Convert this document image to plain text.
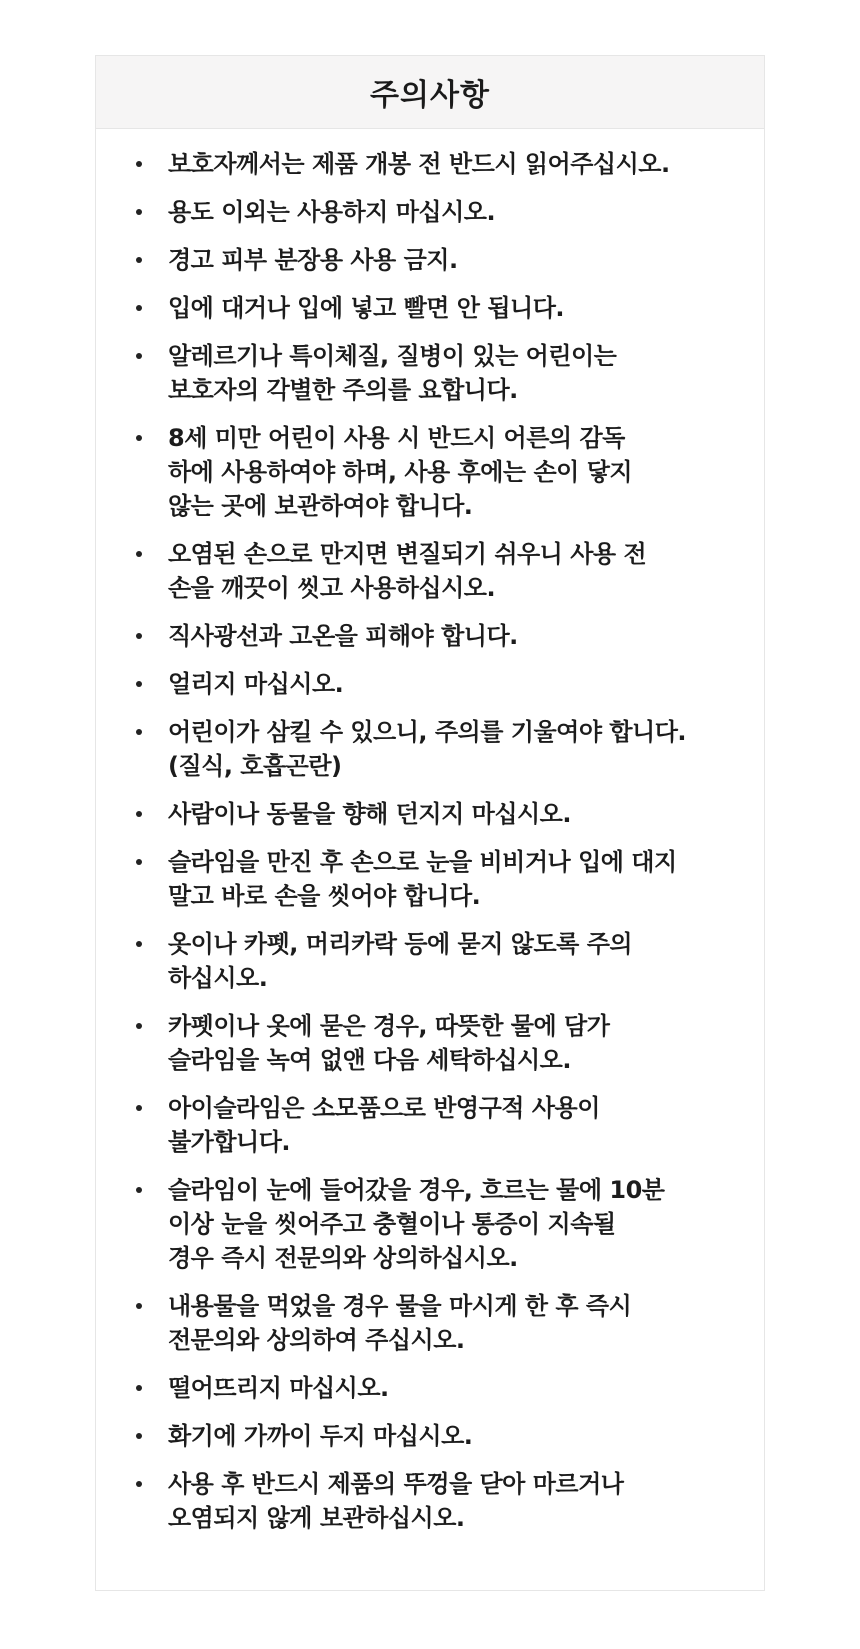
주의사항
보호자께서는 제품 개봉 전 반드시 읽어주십시오.
용도 이외는 사용하지 마십시오.
경고 피부 분장용 사용 금지.
입에 대거나 입에 넣고 빨면 안 됩니다.
알레르기나 특이체질, 질병이 있는 어린이는
보호자의 각별한 주의를 요합니다.
8세 미만 어린이 사용 시 반드시 어른의 감독
하에 사용하여야 하며, 사용 후에는 손이 닿지
않는 곳에 보관하여야 합니다.
오염된 손으로 만지면 변질되기 쉬우니 사용 전
손을 깨끗이 씻고 사용하십시오.
직사광선과 고온을 피해야 합니다.
얼리지 마십시오.
어린이가 삼킬 수 있으니, 주의를 기울여야 합니다.
(질식, 호흡곤란)
사람이나 동물을 향해 던지지 마십시오.
슬라임을 만진 후 손으로 눈을 비비거나 입에 대지
말고 바로 손을 씻어야 합니다.
옷이나 카펫, 머리카락 등에 묻지 않도록 주의
하십시오.
카펫이나 옷에 묻은 경우, 따뜻한 물에 담가
슬라임을 녹여 없앤 다음 세탁하십시오.
아이슬라임은 소모품으로 반영구적 사용이
불가합니다.
슬라임이 눈에 들어갔을 경우, 흐르는 물에 10분
이상 눈을 씻어주고 충혈이나 통증이 지속될
경우 즉시 전문의와 상의하십시오.
내용물을 먹었을 경우 물을 마시게 한 후 즉시
전문의와 상의하여 주십시오.
떨어뜨리지 마십시오.
화기에 가까이 두지 마십시오.
사용 후 반드시 제품의 뚜껑을 닫아 마르거나
오염되지 않게 보관하십시오.
